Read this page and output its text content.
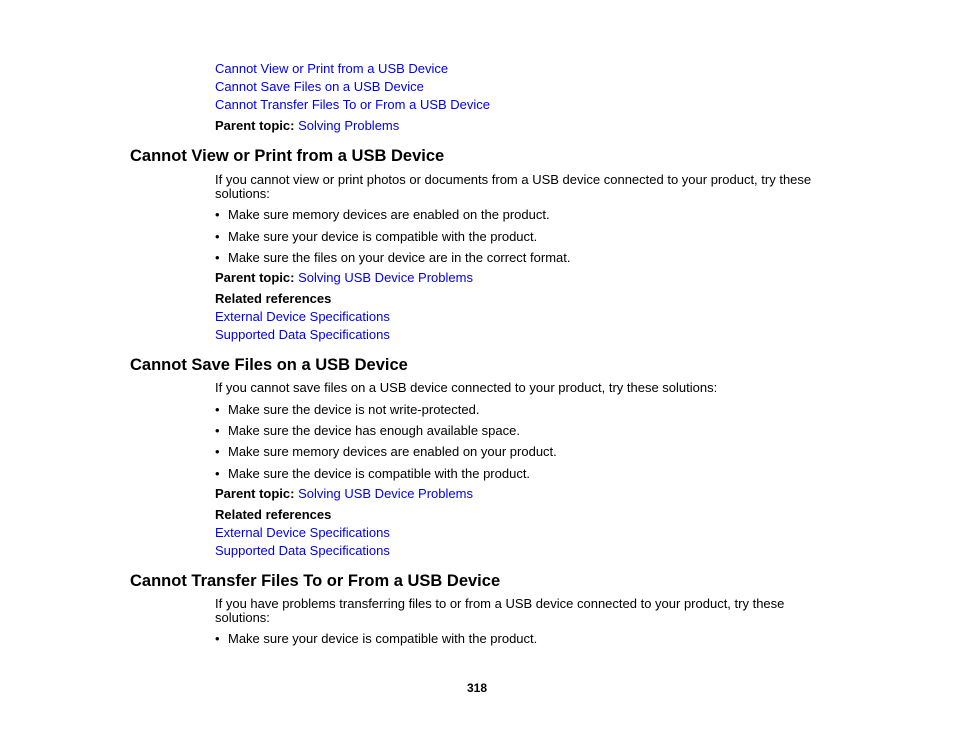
Cannot View or Print from a USB Device

Cannot Save Files on a USB Device

Cannot Transfer Files To or From a USB Device

Parent topic: Solving Problems

Cannot View or Print from a USB Device

If you cannot view or print photos or documents from a USB device connected to your product, try these solutions:

• Make sure memory devices are enabled on the product.
• Make sure your device is compatible with the product.
• Make sure the files on your device are in the correct format.

Parent topic: Solving USB Device Problems

Related references

External Device Specifications

Supported Data Specifications

Cannot Save Files on a USB Device

If you cannot save files on a USB device connected to your product, try these solutions:

• Make sure the device is not write-protected.
• Make sure the device has enough available space.
• Make sure memory devices are enabled on your product.
• Make sure the device is compatible with the product.

Parent topic: Solving USB Device Problems

Related references

External Device Specifications

Supported Data Specifications

Cannot Transfer Files To or From a USB Device

If you have problems transferring files to or from a USB device connected to your product, try these solutions:

• Make sure your device is compatible with the product.
318
